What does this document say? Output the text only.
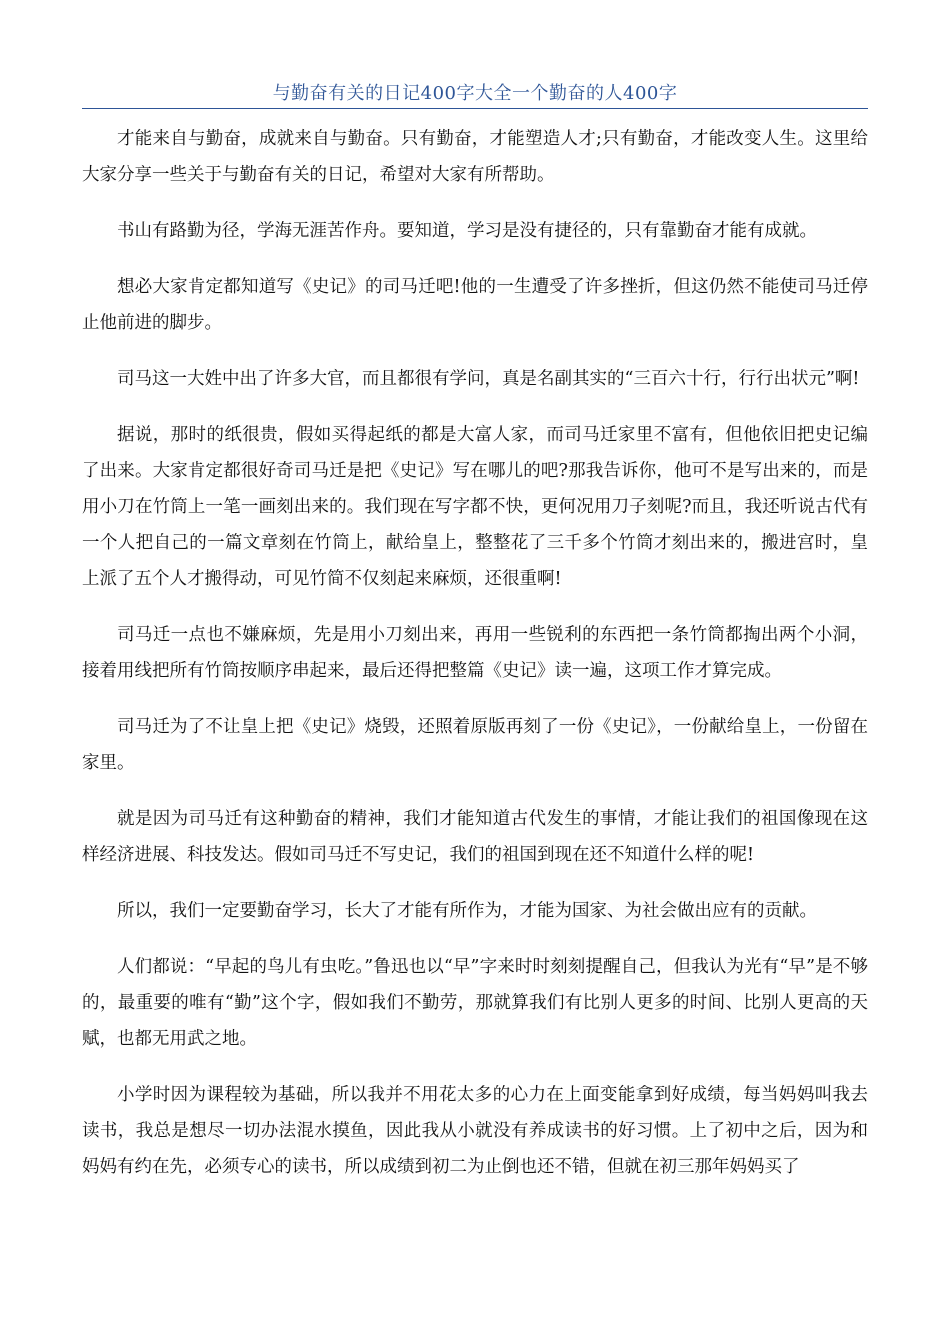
与勤奋有关的日记400字大全一个勤奋的人400字

才能来自与勤奋，成就来自与勤奋。只有勤奋，才能塑造人才;只有勤奋，才能改变人生。这里给大家分享一些关于与勤奋有关的日记，希望对大家有所帮助。

书山有路勤为径，学海无涯苦作舟。要知道，学习是没有捷径的，只有靠勤奋才能有成就。

想必大家肯定都知道写《史记》的司马迁吧!他的一生遭受了许多挫折，但这仍然不能使司马迁停止他前进的脚步。

司马这一大姓中出了许多大官，而且都很有学问，真是名副其实的“三百六十行，行行出状元”啊!

据说，那时的纸很贵，假如买得起纸的都是大富人家，而司马迁家里不富有，但他依旧把史记编了出来。大家肯定都很好奇司马迁是把《史记》写在哪儿的吧?那我告诉你，他可不是写出来的，而是用小刀在竹筒上一笔一画刻出来的。我们现在写字都不快，更何况用刀子刻呢?而且，我还听说古代有一个人把自己的一篇文章刻在竹筒上，献给皇上，整整花了三千多个竹筒才刻出来的，搬进宫时，皇上派了五个人才搬得动，可见竹简不仅刻起来麻烦，还很重啊!

司马迁一点也不嫌麻烦，先是用小刀刻出来，再用一些锐利的东西把一条竹筒都掏出两个小洞，接着用线把所有竹筒按顺序串起来，最后还得把整篇《史记》读一遍，这项工作才算完成。

司马迁为了不让皇上把《史记》烧毁，还照着原版再刻了一份《史记》，一份献给皇上，一份留在家里。

就是因为司马迁有这种勤奋的精神，我们才能知道古代发生的事情，才能让我们的祖国像现在这样经济进展、科技发达。假如司马迁不写史记，我们的祖国到现在还不知道什么样的呢!

所以，我们一定要勤奋学习，长大了才能有所作为，才能为国家、为社会做出应有的贡献。

人们都说：“早起的鸟儿有虫吃。”鲁迅也以“早”字来时时刻刻提醒自己，但我认为光有“早”是不够的，最重要的唯有“勤”这个字，假如我们不勤劳，那就算我们有比别人更多的时间、比别人更高的天赋，也都无用武之地。

小学时因为课程较为基础，所以我并不用花太多的心力在上面变能拿到好成绩，每当妈妈叫我去读书，我总是想尽一切办法混水摸鱼，因此我从小就没有养成读书的好习惯。上了初中之后，因为和妈妈有约在先，必须专心的读书，所以成绩到初二为止倒也还不错，但就在初三那年妈妈买了
